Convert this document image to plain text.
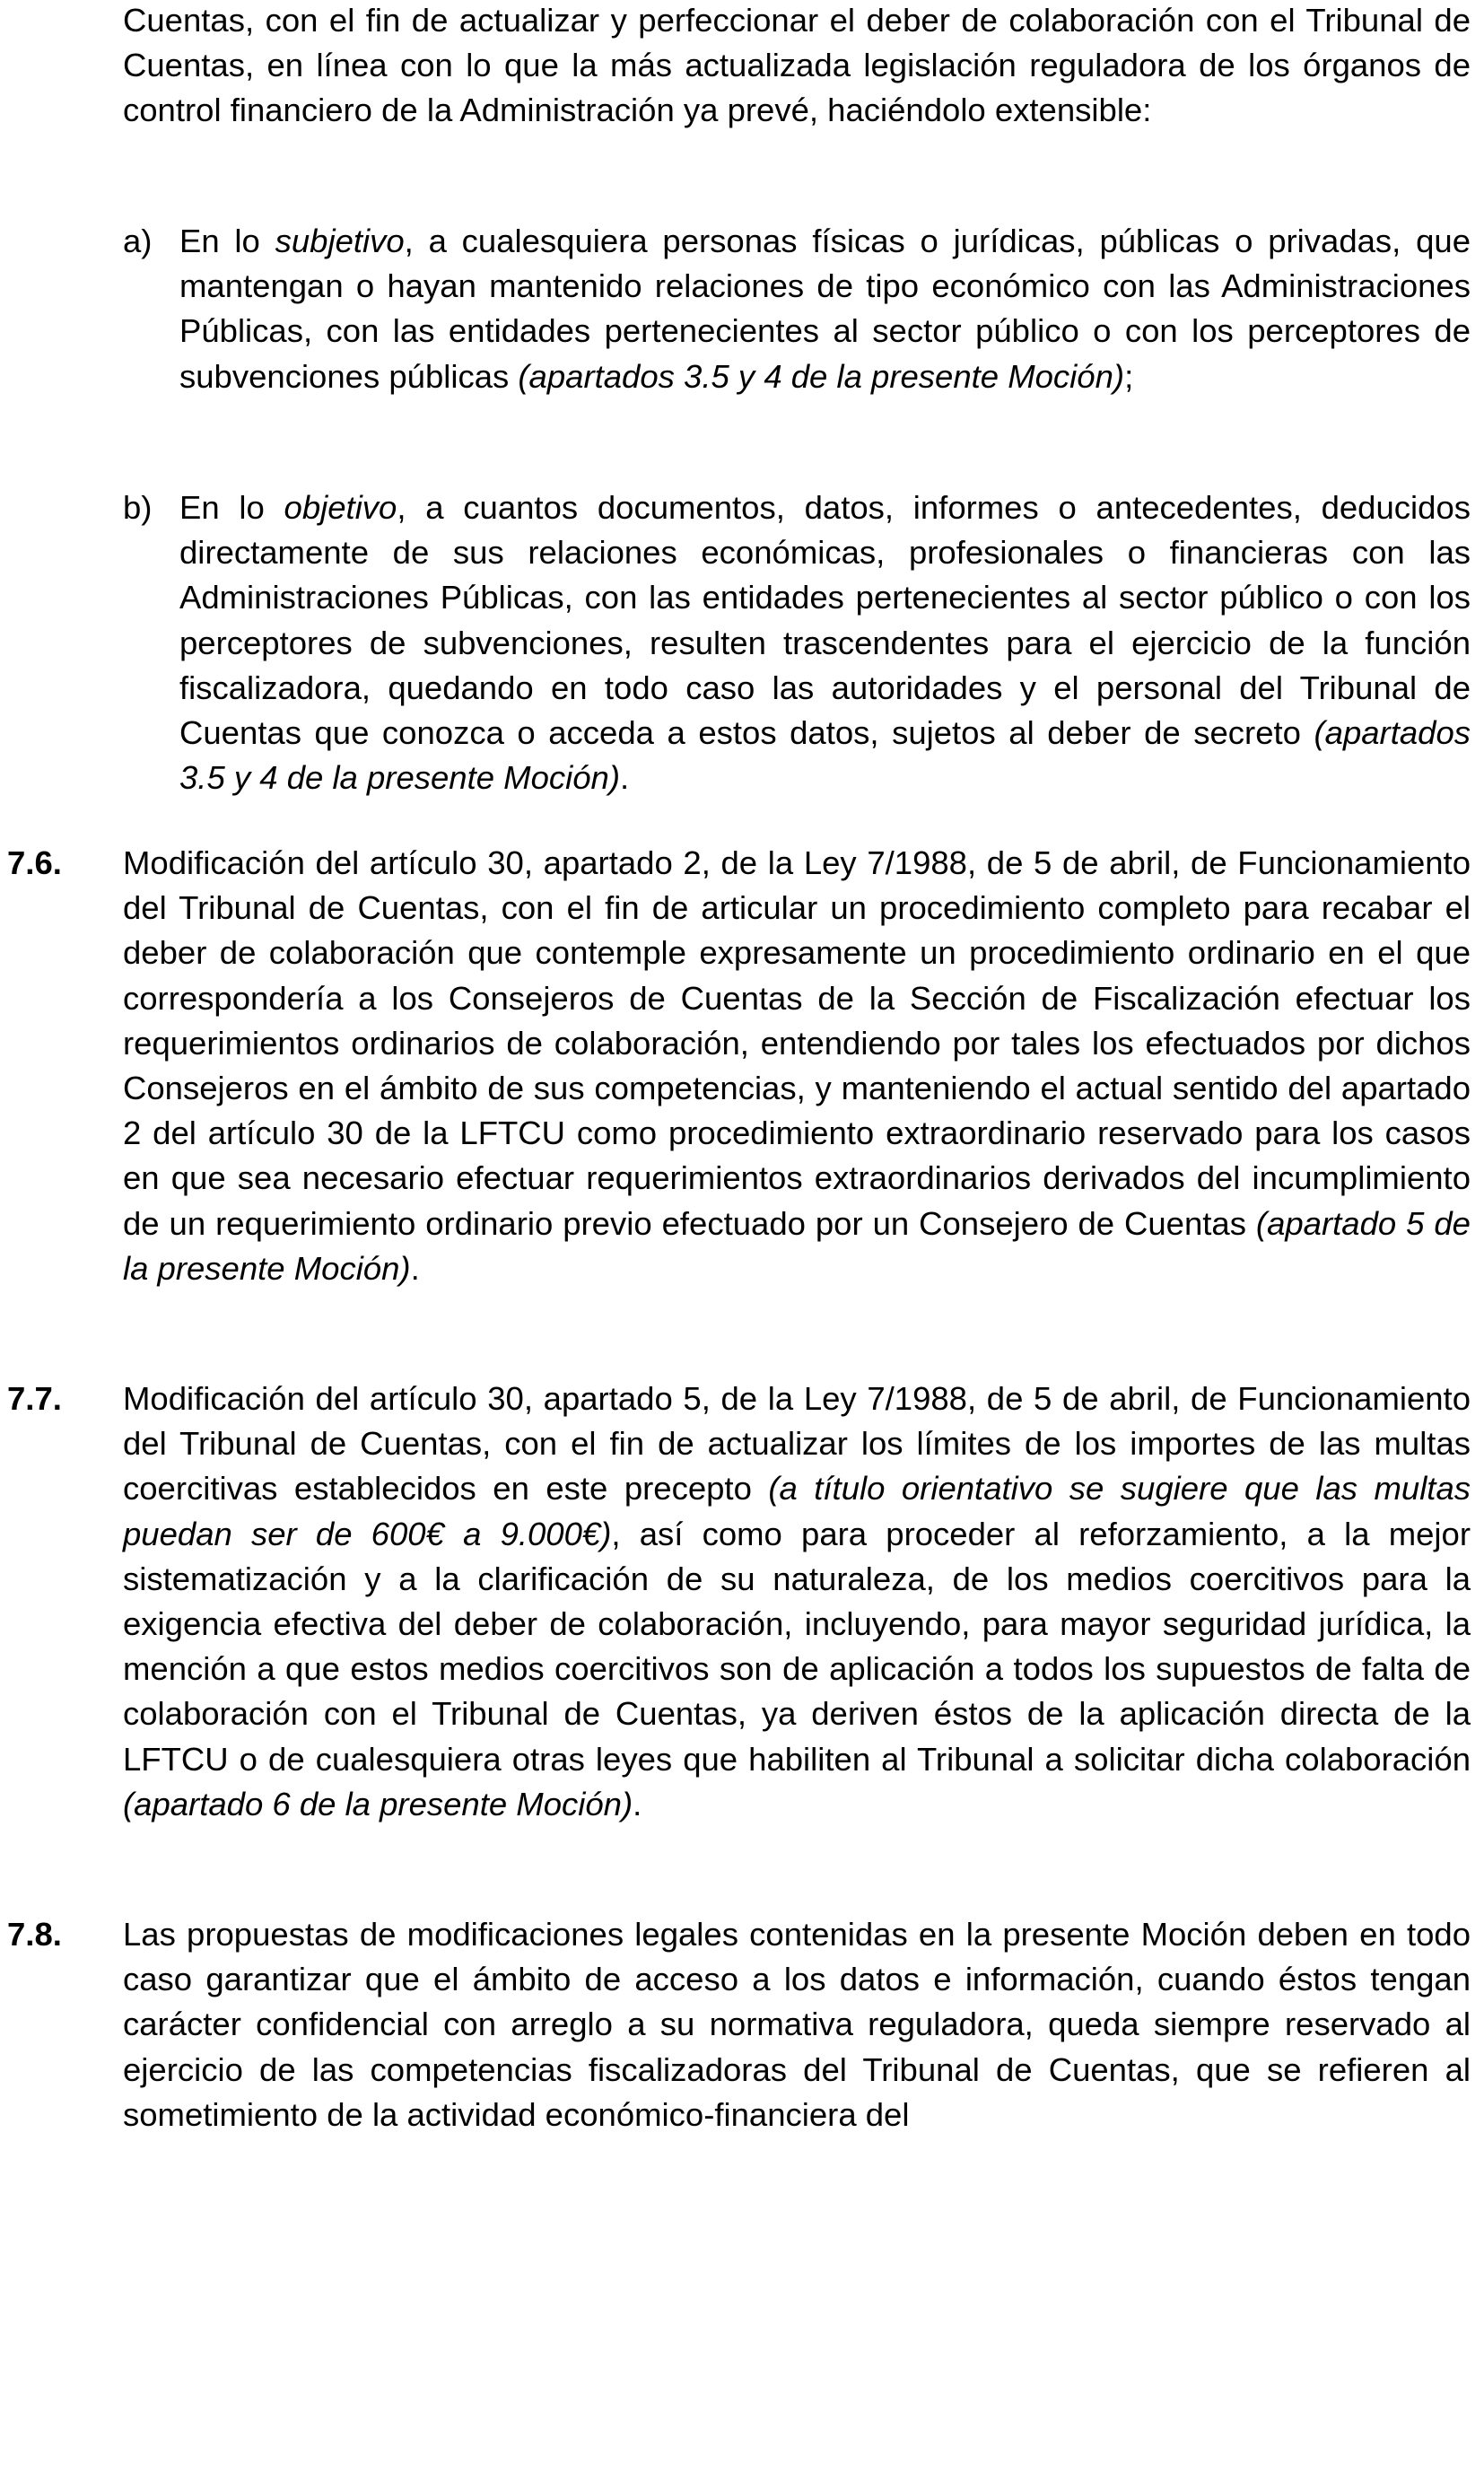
Cuentas, con el fin de actualizar y perfeccionar el deber de colaboración con el Tribunal de Cuentas, en línea con lo que la más actualizada legislación reguladora de los órganos de control financiero de la Administración ya prevé, haciéndolo extensible:

a) En lo subjetivo, a cualesquiera personas físicas o jurídicas, públicas o privadas, que mantengan o hayan mantenido relaciones de tipo económico con las Administraciones Públicas, con las entidades pertenecientes al sector público o con los perceptores de subvenciones públicas (apartados 3.5 y 4 de la presente Moción);
b) En lo objetivo, a cuantos documentos, datos, informes o antecedentes, deducidos directamente de sus relaciones económicas, profesionales o financieras con las Administraciones Públicas, con las entidades pertenecientes al sector público o con los perceptores de subvenciones, resulten trascendentes para el ejercicio de la función fiscalizadora, quedando en todo caso las autoridades y el personal del Tribunal de Cuentas que conozca o acceda a estos datos, sujetos al deber de secreto (apartados 3.5 y 4 de la presente Moción).
7.6. Modificación del artículo 30, apartado 2, de la Ley 7/1988, de 5 de abril, de Funcionamiento del Tribunal de Cuentas, con el fin de articular un procedimiento completo para recabar el deber de colaboración que contemple expresamente un procedimiento ordinario en el que correspondería a los Consejeros de Cuentas de la Sección de Fiscalización efectuar los requerimientos ordinarios de colaboración, entendiendo por tales los efectuados por dichos Consejeros en el ámbito de sus competencias, y manteniendo el actual sentido del apartado 2 del artículo 30 de la LFTCU como procedimiento extraordinario reservado para los casos en que sea necesario efectuar requerimientos extraordinarios derivados del incumplimiento de un requerimiento ordinario previo efectuado por un Consejero de Cuentas (apartado 5 de la presente Moción).
7.7. Modificación del artículo 30, apartado 5, de la Ley 7/1988, de 5 de abril, de Funcionamiento del Tribunal de Cuentas, con el fin de actualizar los límites de los importes de las multas coercitivas establecidos en este precepto (a título orientativo se sugiere que las multas puedan ser de 600€ a 9.000€), así como para proceder al reforzamiento, a la mejor sistematización y a la clarificación de su naturaleza, de los medios coercitivos para la exigencia efectiva del deber de colaboración, incluyendo, para mayor seguridad jurídica, la mención a que estos medios coercitivos son de aplicación a todos los supuestos de falta de colaboración con el Tribunal de Cuentas, ya deriven éstos de la aplicación directa de la LFTCU o de cualesquiera otras leyes que habiliten al Tribunal a solicitar dicha colaboración (apartado 6 de la presente Moción).
7.8. Las propuestas de modificaciones legales contenidas en la presente Moción deben en todo caso garantizar que el ámbito de acceso a los datos e información, cuando éstos tengan carácter confidencial con arreglo a su normativa reguladora, queda siempre reservado al ejercicio de las competencias fiscalizadoras del Tribunal de Cuentas, que se refieren al sometimiento de la actividad económico-financiera del
